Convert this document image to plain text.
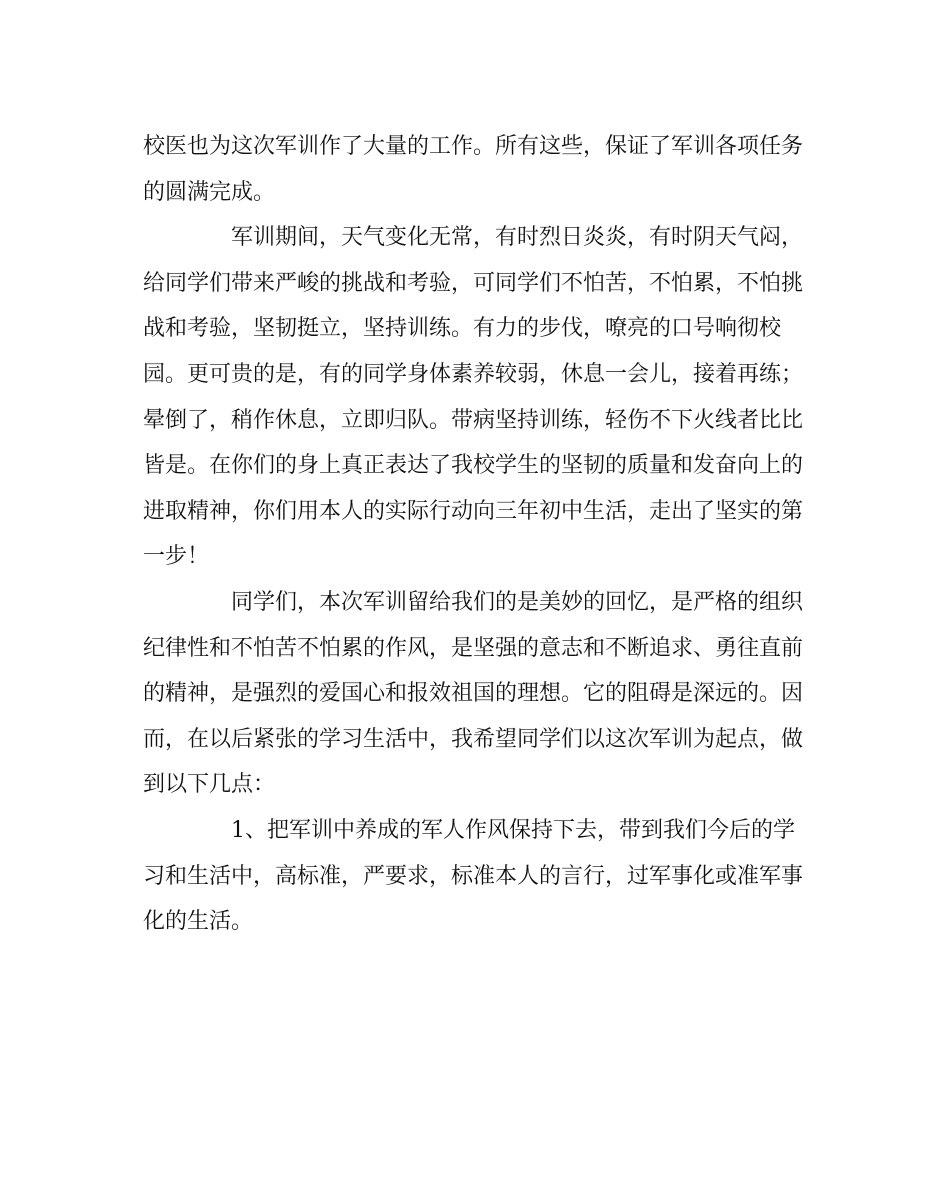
校医也为这次军训作了大量的工作。所有这些，保证了军训各项任务
的圆满完成。
军训期间，天气变化无常，有时烈日炎炎，有时阴天气闷，
给同学们带来严峻的挑战和考验，可同学们不怕苦，不怕累，不怕挑
战和考验，坚韧挺立，坚持训练。有力的步伐，嘹亮的口号响彻校
园。更可贵的是，有的同学身体素养较弱，休息一会儿，接着再练；
晕倒了，稍作休息，立即归队。带病坚持训练，轻伤不下火线者比比
皆是。在你们的身上真正表达了我校学生的坚韧的质量和发奋向上的
进取精神，你们用本人的实际行动向三年初中生活，走出了坚实的第
一步！
同学们，本次军训留给我们的是美妙的回忆，是严格的组织
纪律性和不怕苦不怕累的作风，是坚强的意志和不断追求、勇往直前
的精神，是强烈的爱国心和报效祖国的理想。它的阻碍是深远的。因
而，在以后紧张的学习生活中，我希望同学们以这次军训为起点，做
到以下几点：
1、把军训中养成的军人作风保持下去，带到我们今后的学
习和生活中，高标准，严要求，标准本人的言行，过军事化或准军事
化的生活。
